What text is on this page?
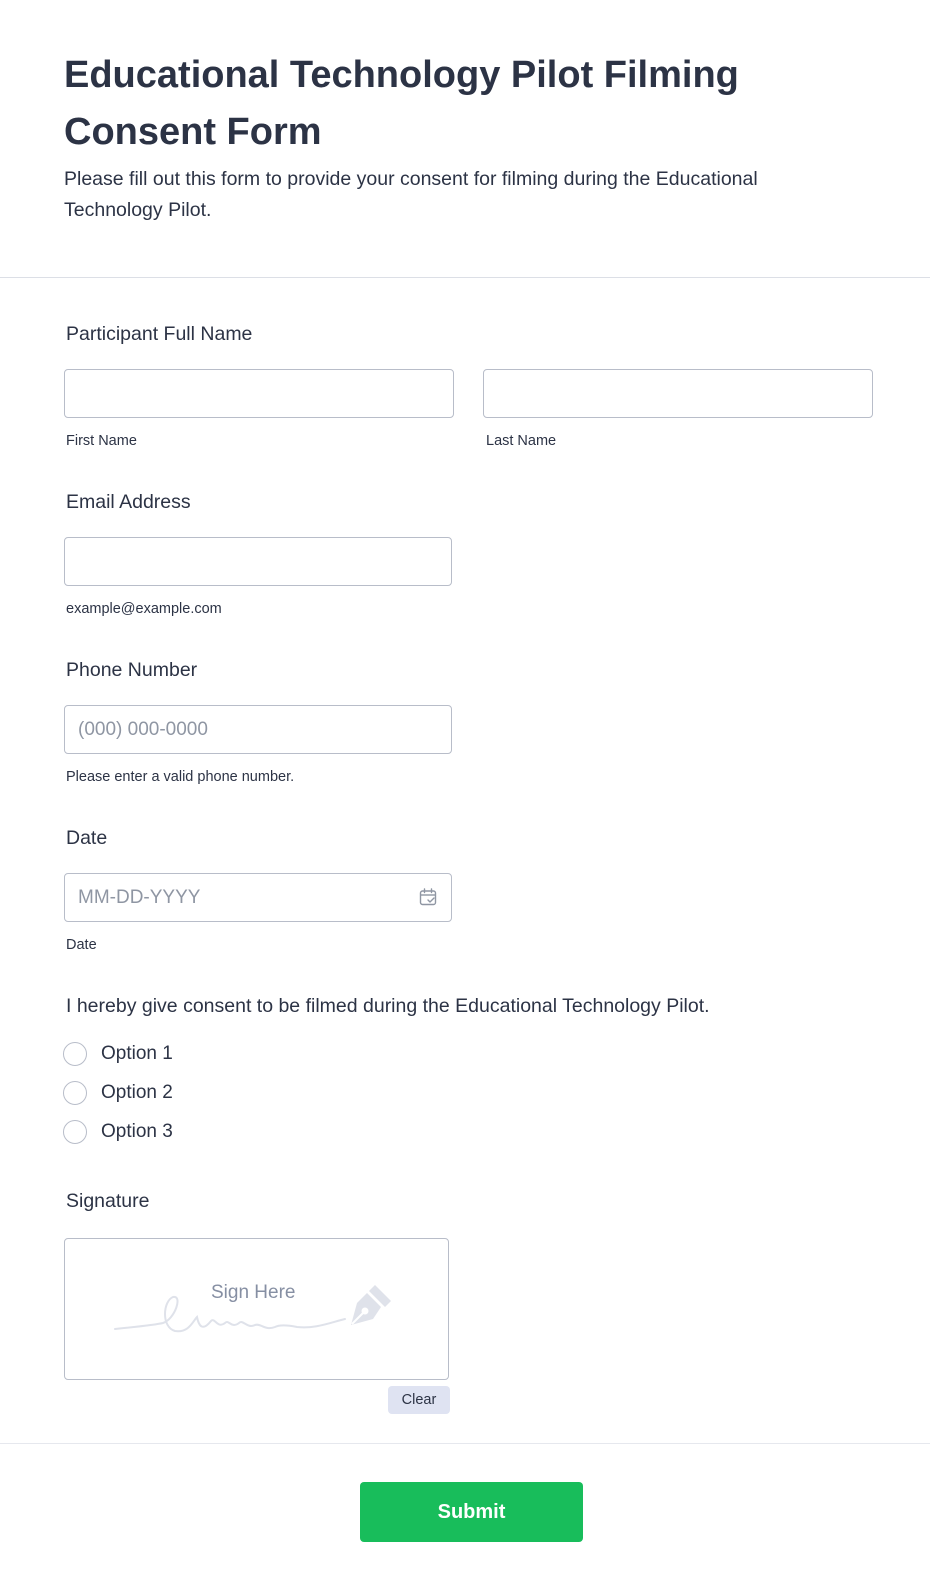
Educational Technology Pilot Filming Consent Form

Please fill out this form to provide your consent for filming during the Educational Technology Pilot.

Participant Full Name
First Name	Last Name
Email Address
example@example.com
Phone Number
(000) 000-0000
Please enter a valid phone number.
Date
MM-DD-YYYY
Date
I hereby give consent to be filmed during the Educational Technology Pilot.
Option 1
Option 2
Option 3
Signature
Sign Here
Clear
Submit
